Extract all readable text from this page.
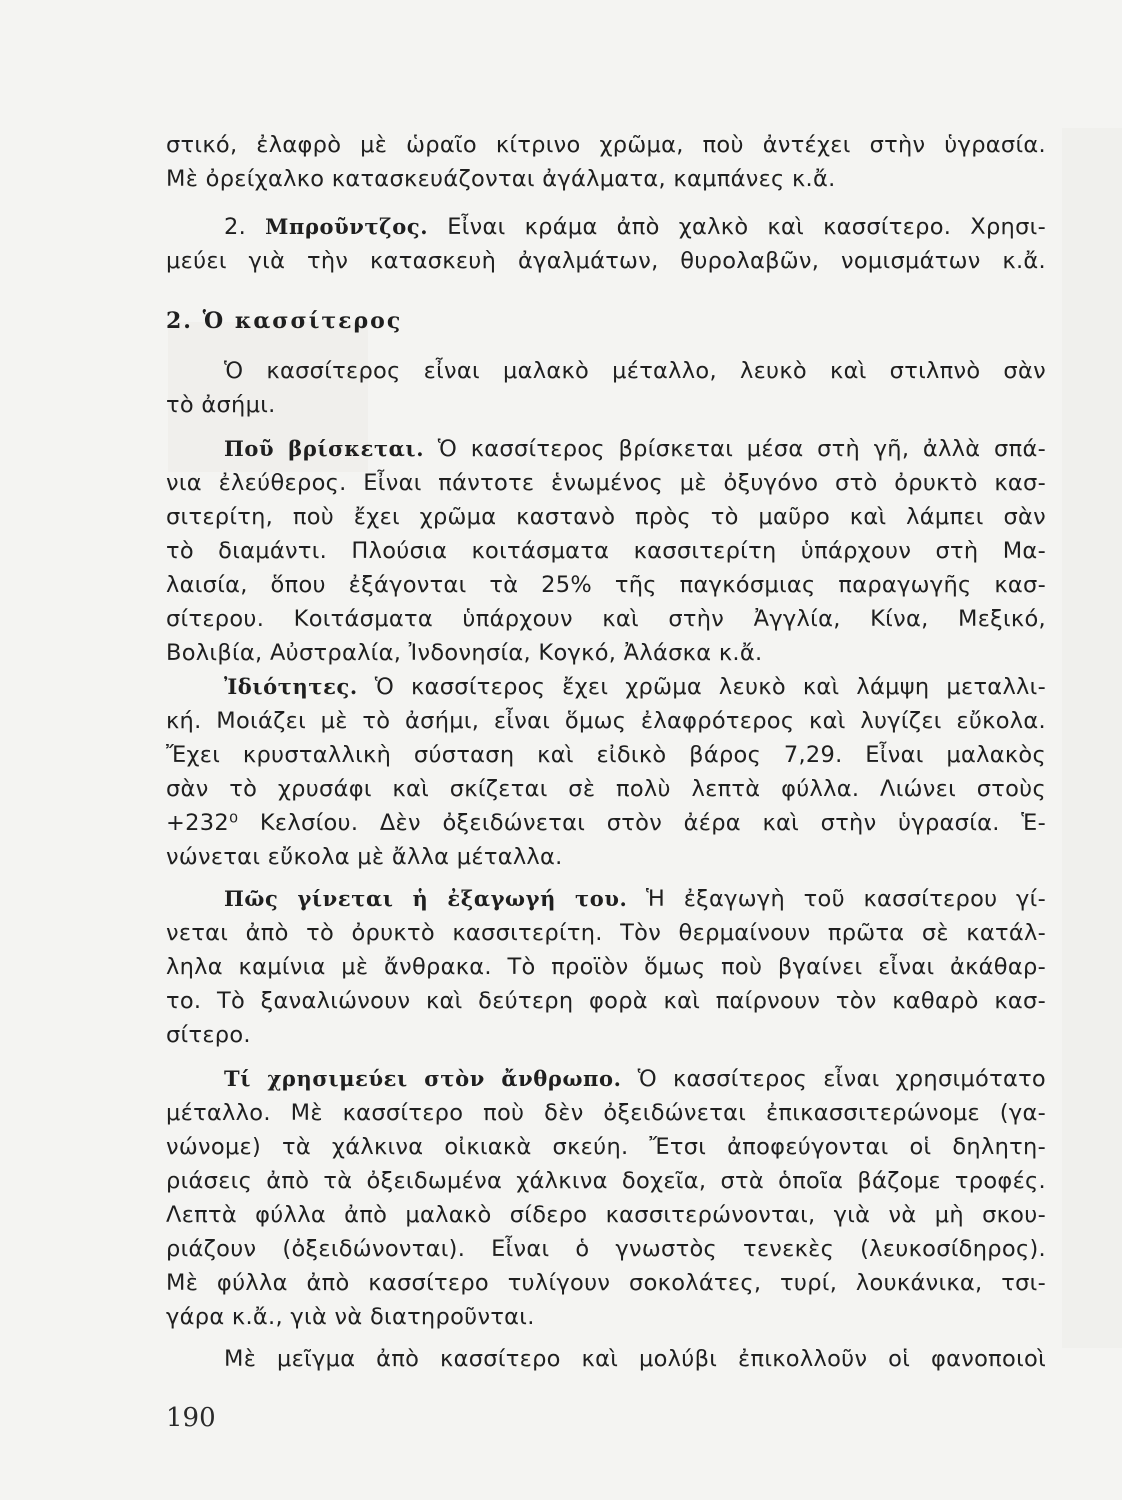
στικό, ἐλαφρὸ μὲ ὡραῖο κίτρινο χρῶμα, ποὺ ἀντέχει στὴν ὑγρασία.
Μὲ ὀρείχαλκο κατασκευάζονται ἀγάλματα, καμπάνες κ.ἄ.
2. Μπροῦντζος. Εἶναι κράμα ἀπὸ χαλκὸ καὶ κασσίτερο. Χρησι-
μεύει γιὰ τὴν κατασκευὴ ἀγαλμάτων, θυρολαβῶν, νομισμάτων κ.ἄ.
2. Ὁ κασσίτερος
Ὁ κασσίτερος εἶναι μαλακὸ μέταλλο, λευκὸ καὶ στιλπνὸ σὰν
τὸ ἀσήμι.
Ποῦ βρίσκεται. Ὁ κασσίτερος βρίσκεται μέσα στὴ γῆ, ἀλλὰ σπά-
νια ἐλεύθερος. Εἶναι πάντοτε ἑνωμένος μὲ ὀξυγόνο στὸ ὀρυκτὸ κασ-
σιτερίτη, ποὺ ἔχει χρῶμα καστανὸ πρὸς τὸ μαῦρο καὶ λάμπει σὰν
τὸ διαμάντι. Πλούσια κοιτάσματα κασσιτερίτη ὑπάρχουν στὴ Μα-
λαισία, ὅπου ἐξάγονται τὰ 25% τῆς παγκόσμιας παραγωγῆς κασ-
σίτερου. Κοιτάσματα ὑπάρχουν καὶ στὴν Ἀγγλία, Κίνα, Μεξικό,
Βολιβία, Αὐστραλία, Ἰνδονησία, Κογκό, Ἀλάσκα κ.ἄ.
Ἰδιότητες. Ὁ κασσίτερος ἔχει χρῶμα λευκὸ καὶ λάμψη μεταλλι-
κή. Μοιάζει μὲ τὸ ἀσήμι, εἶναι ὅμως ἐλαφρότερος καὶ λυγίζει εὔκολα.
Ἔχει κρυσταλλικὴ σύσταση καὶ εἰδικὸ βάρος 7,29. Εἶναι μαλακὸς
σὰν τὸ χρυσάφι καὶ σκίζεται σὲ πολὺ λεπτὰ φύλλα. Λιώνει στοὺς
+232⁰ Κελσίου. Δὲν ὀξειδώνεται στὸν ἀέρα καὶ στὴν ὑγρασία. Ἑ-
νώνεται εὔκολα μὲ ἄλλα μέταλλα.
Πῶς γίνεται ἡ ἐξαγωγή του. Ἡ ἐξαγωγὴ τοῦ κασσίτερου γί-
νεται ἀπὸ τὸ ὀρυκτὸ κασσιτερίτη. Τὸν θερμαίνουν πρῶτα σὲ κατάλ-
ληλα καμίνια μὲ ἄνθρακα. Τὸ προϊὸν ὅμως ποὺ βγαίνει εἶναι ἀκάθαρ-
το. Τὸ ξαναλιώνουν καὶ δεύτερη φορὰ καὶ παίρνουν τὸν καθαρὸ κασ-
σίτερο.
Τί χρησιμεύει στὸν ἄνθρωπο. Ὁ κασσίτερος εἶναι χρησιμότατο
μέταλλο. Μὲ κασσίτερο ποὺ δὲν ὀξειδώνεται ἐπικασσιτερώνομε (γα-
νώνομε) τὰ χάλκινα οἰκιακὰ σκεύη. Ἔτσι ἀποφεύγονται οἱ δηλητη-
ριάσεις ἀπὸ τὰ ὀξειδωμένα χάλκινα δοχεῖα, στὰ ὁποῖα βάζομε τροφές.
Λεπτὰ φύλλα ἀπὸ μαλακὸ σίδερο κασσιτερώνονται, γιὰ νὰ μὴ σκου-
ριάζουν (ὀξειδώνονται). Εἶναι ὁ γνωστὸς τενεκὲς (λευκοσίδηρος).
Μὲ φύλλα ἀπὸ κασσίτερο τυλίγουν σοκολάτες, τυρί, λουκάνικα, τσι-
γάρα κ.ἄ., γιὰ νὰ διατηροῦνται.
Μὲ μεῖγμα ἀπὸ κασσίτερο καὶ μολύβι ἐπικολλοῦν οἱ φανοποιοὶ
190
